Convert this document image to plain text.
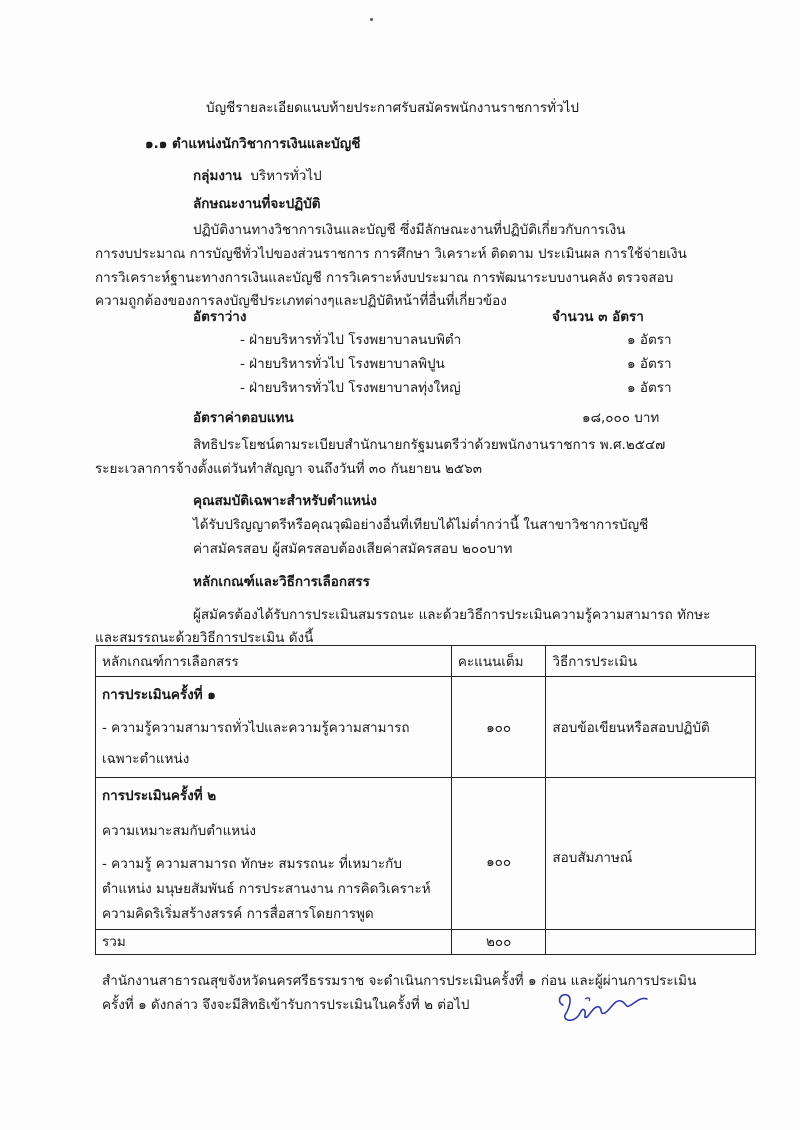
บัญชีรายละเอียดแนบท้ายประกาศรับสมัครพนักงานราชการทั่วไป
๑.๑ ตำแหน่งนักวิชาการเงินและบัญชี
กลุ่มงาน บริหารทั่วไป
ลักษณะงานที่จะปฏิบัติ
ปฏิบัติงานทางวิชาการเงินและบัญชี ซึ่งมีลักษณะงานที่ปฏิบัติเกี่ยวกับการเงิน
การงบประมาณ การบัญชีทั่วไปของส่วนราชการ การศึกษา วิเคราะห์ ติดตาม ประเมินผล การใช้จ่ายเงิน
การวิเคราะห์ฐานะทางการเงินและบัญชี การวิเคราะห์งบประมาณ การพัฒนาระบบงานคลัง ตรวจสอบ
ความถูกต้องของการลงบัญชีประเภทต่างๆและปฏิบัติหน้าที่อื่นที่เกี่ยวข้อง
อัตราว่าง	จำนวน ๓ อัตรา
- ฝ่ายบริหารทั่วไป โรงพยาบาลนบพิตำ	๑ อัตรา
- ฝ่ายบริหารทั่วไป โรงพยาบาลพิปูน	๑ อัตรา
- ฝ่ายบริหารทั่วไป โรงพยาบาลทุ่งใหญ่	๑ อัตรา
อัตราค่าตอบแทน	๑๘,๐๐๐ บาท
สิทธิประโยชน์ตามระเบียบสำนักนายกรัฐมนตรีว่าด้วยพนักงานราชการ พ.ศ.๒๕๔๗
ระยะเวลาการจ้างตั้งแต่วันทำสัญญา จนถึงวันที่ ๓๐ กันยายน ๒๕๖๓
คุณสมบัติเฉพาะสำหรับตำแหน่ง
ได้รับปริญญาตรีหรือคุณวุฒิอย่างอื่นที่เทียบได้ไม่ต่ำกว่านี้ ในสาขาวิชาการบัญชี
ค่าสมัครสอบ ผู้สมัครสอบต้องเสียค่าสมัครสอบ ๒๐๐บาท
หลักเกณฑ์และวิธีการเลือกสรร
ผู้สมัครต้องได้รับการประเมินสมรรถนะ และด้วยวิธีการประเมินความรู้ความสามารถ ทักษะ
และสมรรถนะด้วยวิธีการประเมิน ดังนี้
หลักเกณฑ์การเลือกสรร	คะแนนเต็ม	วิธีการประเมิน

การประเมินครั้งที่ ๑
- ความรู้ความสามารถทั่วไปและความรู้ความสามารถ
เฉพาะตำแหน่ง	๑๐๐	สอบข้อเขียนหรือสอบปฏิบัติ

การประเมินครั้งที่ ๒
ความเหมาะสมกับตำแหน่ง
- ความรู้ ความสามารถ ทักษะ สมรรถนะ ที่เหมาะกับ
ตำแหน่ง มนุษยสัมพันธ์ การประสานงาน การคิดวิเคราะห์
ความคิดริเริ่มสร้างสรรค์ การสื่อสารโดยการพูด	๑๐๐	สอบสัมภาษณ์

รวม	๒๐๐	

สำนักงานสาธารณสุขจังหวัดนครศรีธรรมราช จะดำเนินการประเมินครั้งที่ ๑ ก่อน และผู้ผ่านการประเมิน
ครั้งที่ ๑ ดังกล่าว จึงจะมีสิทธิเข้ารับการประเมินในครั้งที่ ๒ ต่อไป
